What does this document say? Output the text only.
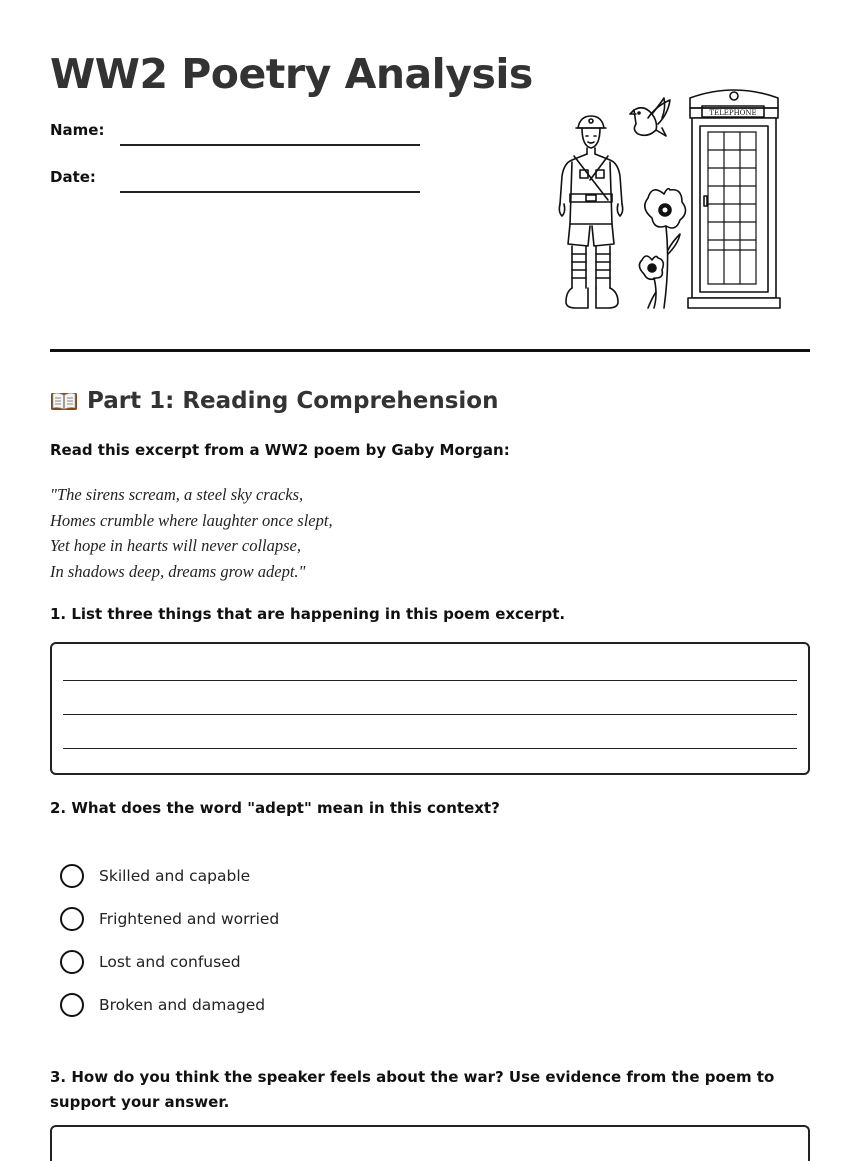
WW2 Poetry Analysis
Name:
Date:
TELEPHONE
Part 1: Reading Comprehension
Read this excerpt from a WW2 poem by Gaby Morgan:
"The sirens scream, a steel sky cracks,
Homes crumble where laughter once slept,
Yet hope in hearts will never collapse,
In shadows deep, dreams grow adept."
1. List three things that are happening in this poem excerpt.
2. What does the word "adept" mean in this context?
Skilled and capable
Frightened and worried
Lost and confused
Broken and damaged
3. How do you think the speaker feels about the war? Use evidence from the poem to support your answer.
